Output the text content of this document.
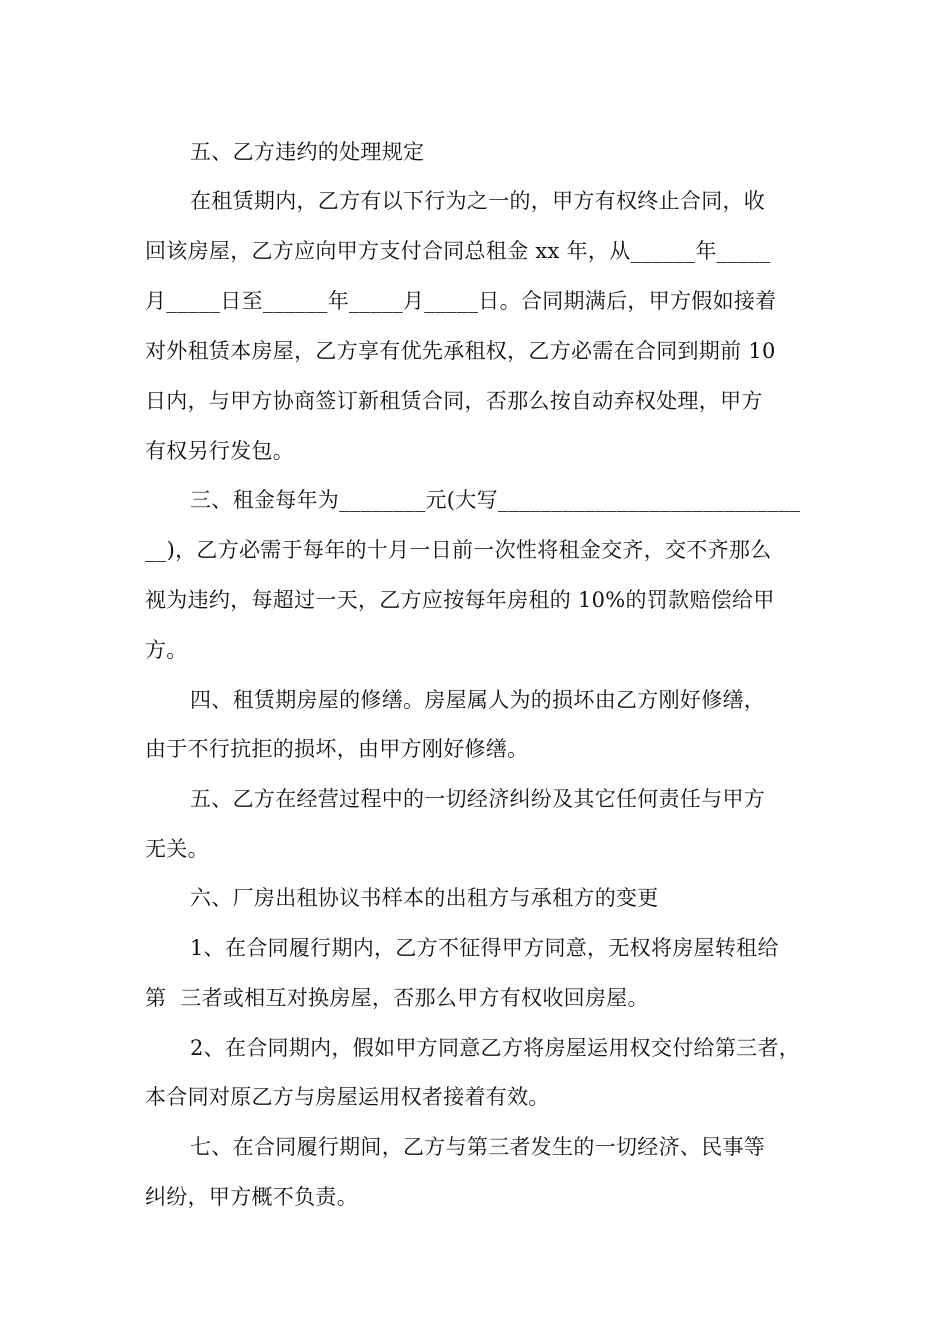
五、乙方违约的处理规定
在租赁期内，乙方有以下行为之一的，甲方有权终止合同，收
回该房屋，乙方应向甲方支付合同总租金 xx 年，从______年_____
月_____日至______年_____月_____日。合同期满后，甲方假如接着
对外租赁本房屋，乙方享有优先承租权，乙方必需在合同到期前 10
日内，与甲方协商签订新租赁合同，否那么按自动弃权处理，甲方
有权另行发包。
三、租金每年为________元(大写____________________________
__)，乙方必需于每年的十月一日前一次性将租金交齐，交不齐那么
视为违约，每超过一天，乙方应按每年房租的 10%的罚款赔偿给甲
方。
四、租赁期房屋的修缮。房屋属人为的损坏由乙方刚好修缮，
由于不行抗拒的损坏，由甲方刚好修缮。
五、乙方在经营过程中的一切经济纠纷及其它任何责任与甲方
无关。
六、厂房出租协议书样本的出租方与承租方的变更
1、在合同履行期内，乙方不征得甲方同意，无权将房屋转租给
第  三者或相互对换房屋，否那么甲方有权收回房屋。
2、在合同期内，假如甲方同意乙方将房屋运用权交付给第三者，
本合同对原乙方与房屋运用权者接着有效。
七、在合同履行期间，乙方与第三者发生的一切经济、民事等
纠纷，甲方概不负责。
